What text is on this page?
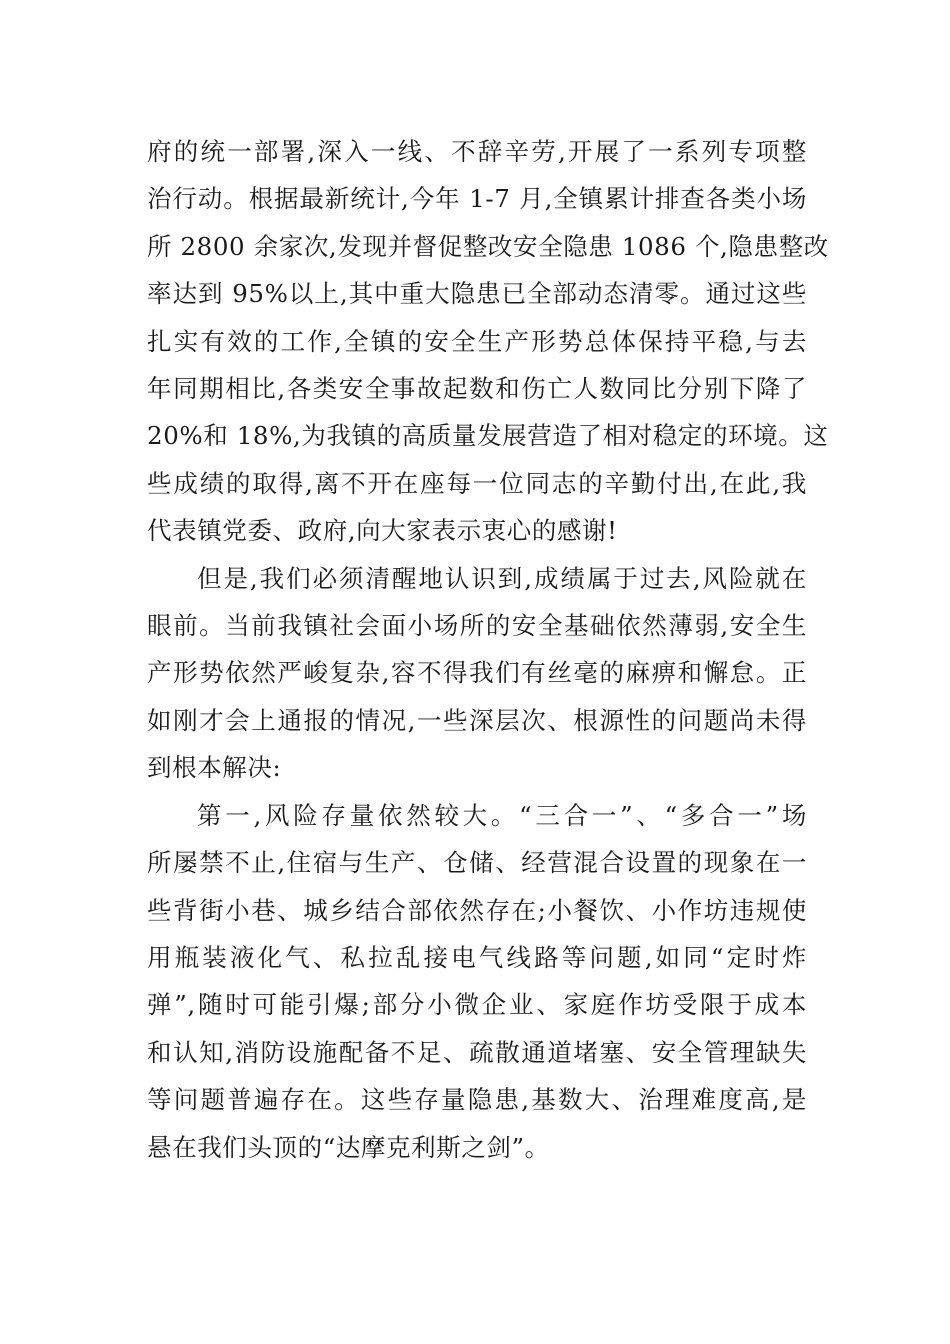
府的统一部署,深入一线、不辞辛劳,开展了一系列专项整
治行动。根据最新统计,今年 1-7 月,全镇累计排查各类小场
所 2800 余家次,发现并督促整改安全隐患 1086 个,隐患整改
率达到 95%以上,其中重大隐患已全部动态清零。通过这些
扎实有效的工作,全镇的安全生产形势总体保持平稳,与去
年同期相比,各类安全事故起数和伤亡人数同比分别下降了
20%和 18%,为我镇的高质量发展营造了相对稳定的环境。这
些成绩的取得,离不开在座每一位同志的辛勤付出,在此,我
代表镇党委、政府,向大家表示衷心的感谢!
但是,我们必须清醒地认识到,成绩属于过去,风险就在
眼前。当前我镇社会面小场所的安全基础依然薄弱,安全生
产形势依然严峻复杂,容不得我们有丝毫的麻痹和懈怠。正
如刚才会上通报的情况,一些深层次、根源性的问题尚未得
到根本解决:
第一,风险存量依然较大。“三合一”、“多合一”场
所屡禁不止,住宿与生产、仓储、经营混合设置的现象在一
些背街小巷、城乡结合部依然存在;小餐饮、小作坊违规使
用瓶装液化气、私拉乱接电气线路等问题,如同“定时炸
弹”,随时可能引爆;部分小微企业、家庭作坊受限于成本
和认知,消防设施配备不足、疏散通道堵塞、安全管理缺失
等问题普遍存在。这些存量隐患,基数大、治理难度高,是
悬在我们头顶的“达摩克利斯之剑”。
